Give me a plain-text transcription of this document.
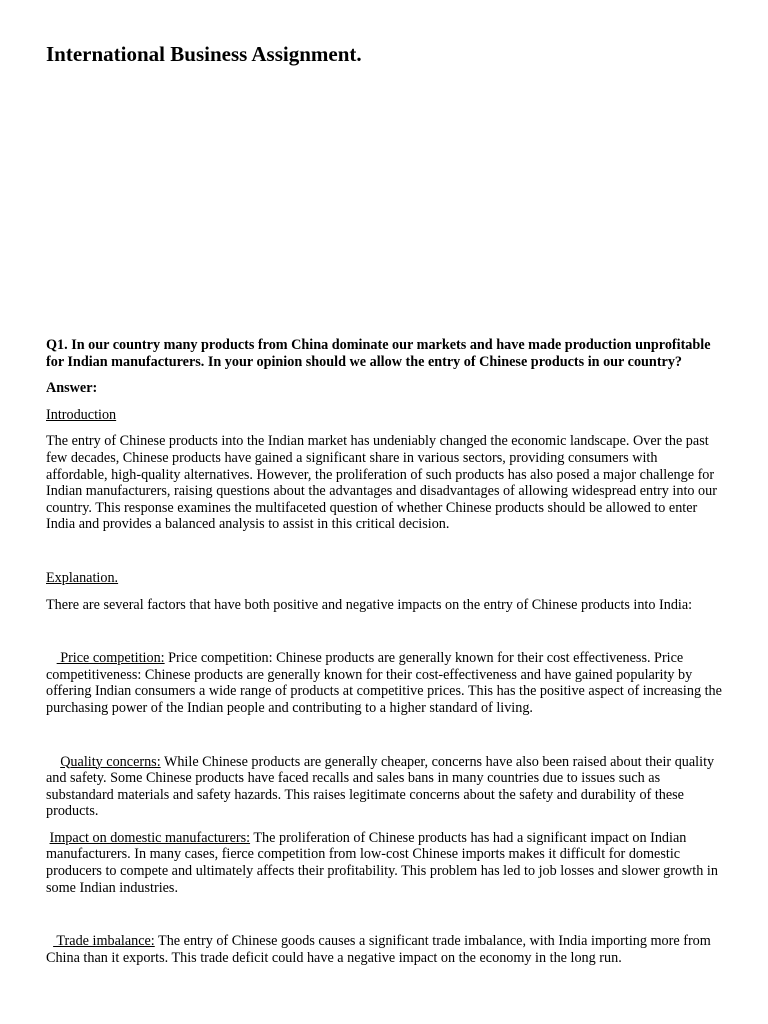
International Business Assignment.

Q1. In our country many products from China dominate our markets and have made production unprofitable for Indian manufacturers. In your opinion should we allow the entry of Chinese products in our country?

Answer:

Introduction

The entry of Chinese products into the Indian market has undeniably changed the economic landscape. Over the past few decades, Chinese products have gained a significant share in various sectors, providing consumers with affordable, high-quality alternatives. However, the proliferation of such products has also posed a major challenge for Indian manufacturers, raising questions about the advantages and disadvantages of allowing widespread entry into our country. This response examines the multifaceted question of whether Chinese products should be allowed to enter India and provides a balanced analysis to assist in this critical decision.

Explanation.

There are several factors that have both positive and negative impacts on the entry of Chinese products into India:

Price competition: Price competition: Chinese products are generally known for their cost effectiveness. Price competitiveness: Chinese products are generally known for their cost-effectiveness and have gained popularity by offering Indian consumers a wide range of products at competitive prices. This has the positive aspect of increasing the purchasing power of the Indian people and contributing to a higher standard of living.

Quality concerns: While Chinese products are generally cheaper, concerns have also been raised about their quality and safety. Some Chinese products have faced recalls and sales bans in many countries due to issues such as substandard materials and safety hazards. This raises legitimate concerns about the safety and durability of these products.

Impact on domestic manufacturers: The proliferation of Chinese products has had a significant impact on Indian manufacturers. In many cases, fierce competition from low-cost Chinese imports makes it difficult for domestic producers to compete and ultimately affects their profitability. This problem has led to job losses and slower growth in some Indian industries.

Trade imbalance: The entry of Chinese goods causes a significant trade imbalance, with India importing more from China than it exports. This trade deficit could have a negative impact on the economy in the long run.
